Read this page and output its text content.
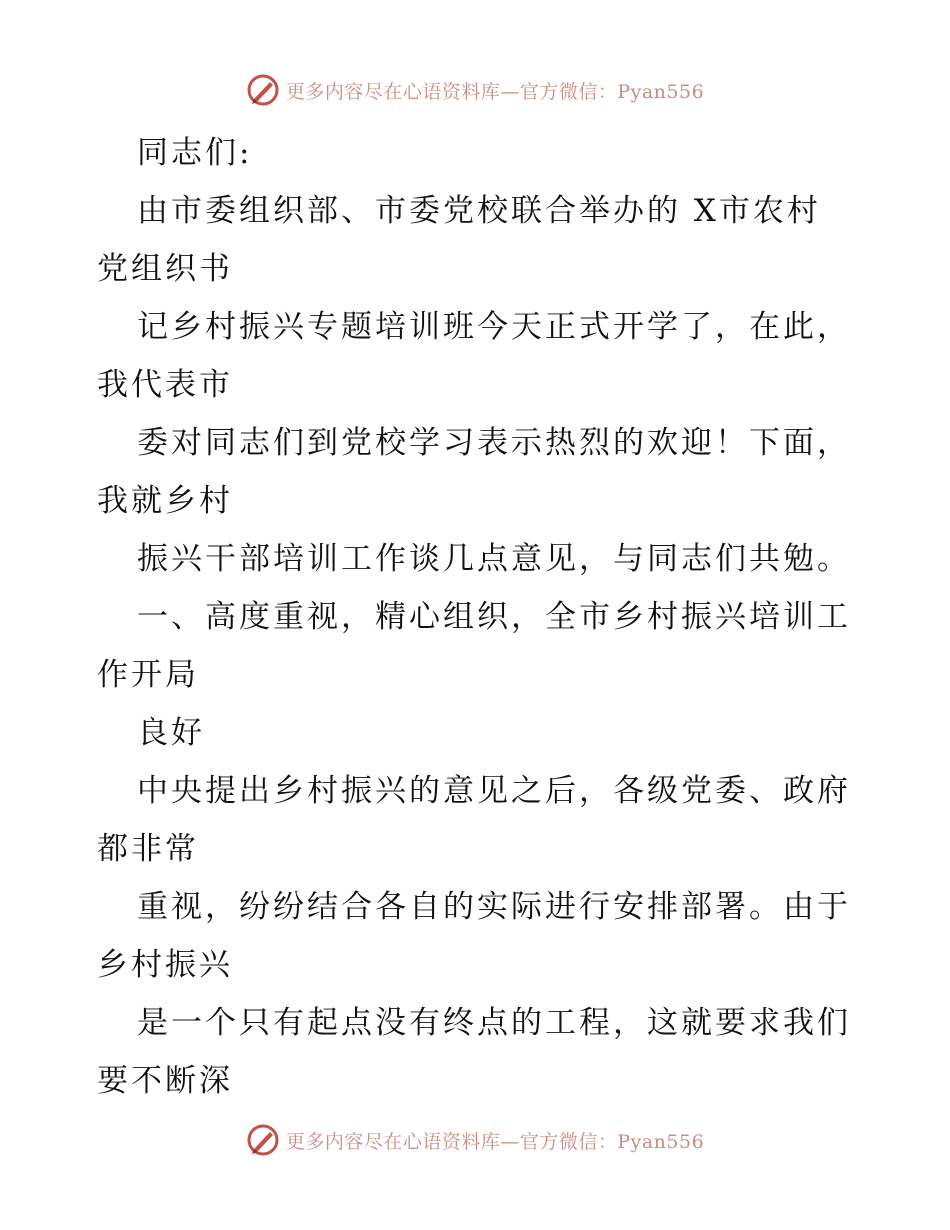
更多内容尽在心语资料库—官方微信：Pyan556
同志们:
由市委组织部、市委党校联合举办的 X市农村
党组织书
记乡村振兴专题培训班今天正式开学了，在此，
我代表市
委对同志们到党校学习表示热烈的欢迎！下面，
我就乡村
振兴干部培训工作谈几点意见，与同志们共勉。
一、高度重视，精心组织，全市乡村振兴培训工
作开局
良好
中央提出乡村振兴的意见之后，各级党委、政府
都非常
重视，纷纷结合各自的实际进行安排部署。由于
乡村振兴
是一个只有起点没有终点的工程，这就要求我们
要不断深
更多内容尽在心语资料库—官方微信：Pyan556
